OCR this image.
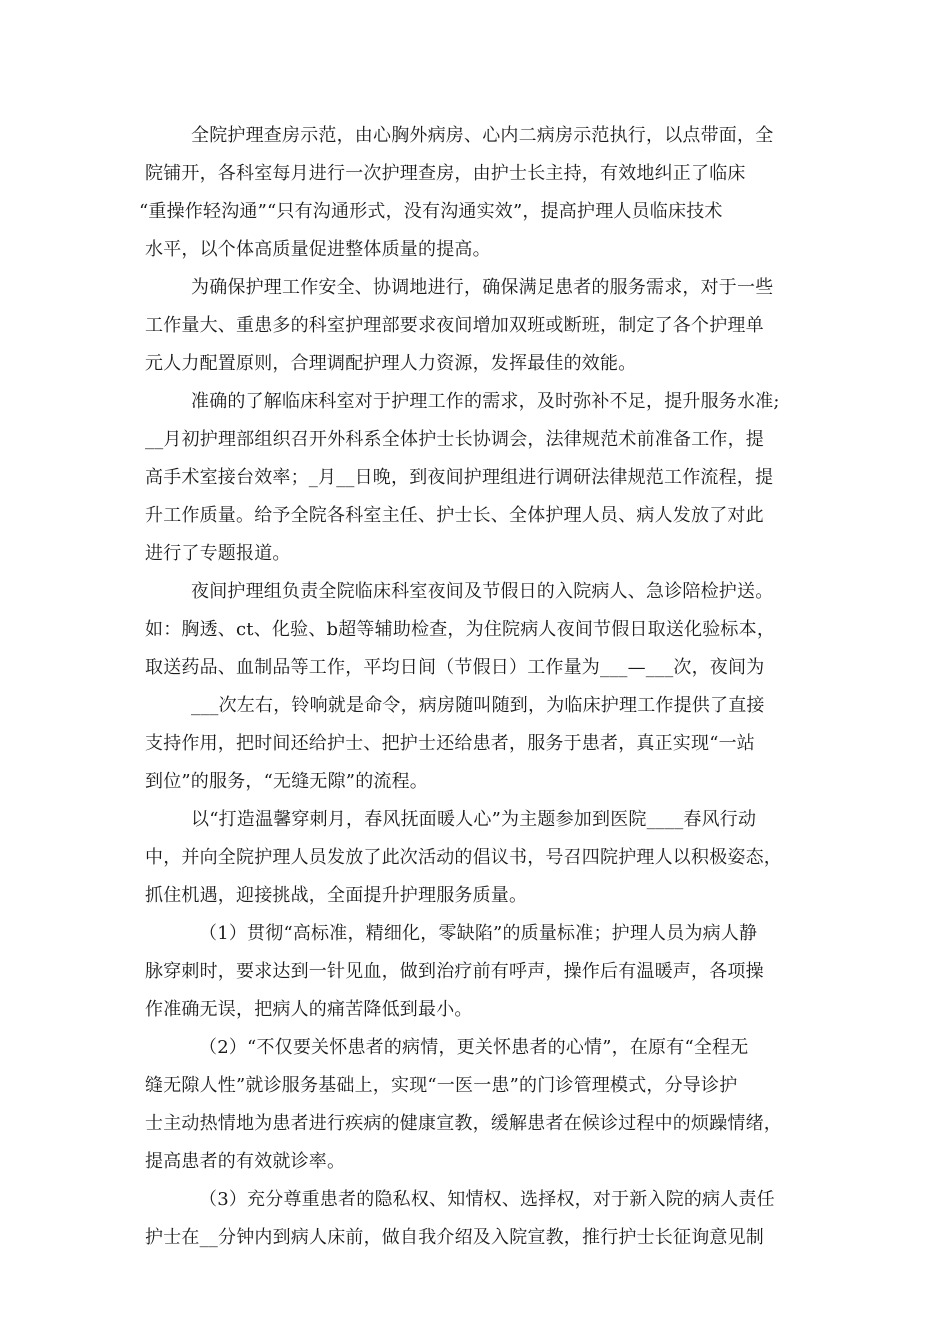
全院护理查房示范，由心胸外病房、心内二病房示范执行，以点带面，全
院铺开，各科室每月进行一次护理查房，由护士长主持，有效地纠正了临床
“重操作轻沟通”“只有沟通形式，没有沟通实效”，提高护理人员临床技术
水平，以个体高质量促进整体质量的提高。
为确保护理工作安全、协调地进行，确保满足患者的服务需求，对于一些
工作量大、重患多的科室护理部要求夜间增加双班或断班，制定了各个护理单
元人力配置原则，合理调配护理人力资源，发挥最佳的效能。
准确的了解临床科室对于护理工作的需求，及时弥补不足，提升服务水准;
__月初护理部组织召开外科系全体护士长协调会，法律规范术前准备工作，提
高手术室接台效率；_月__日晚，到夜间护理组进行调研法律规范工作流程，提
升工作质量。给予全院各科室主任、护士长、全体护理人员、病人发放了对此
进行了专题报道。
夜间护理组负责全院临床科室夜间及节假日的入院病人、急诊陪检护送。
如：胸透、ct、化验、b超等辅助检查，为住院病人夜间节假日取送化验标本，
取送药品、血制品等工作，平均日间（节假日）工作量为___—___次，夜间为
___次左右，铃响就是命令，病房随叫随到，为临床护理工作提供了直接
支持作用，把时间还给护士、把护士还给患者，服务于患者，真正实现“一站
到位”的服务，“无缝无隙”的流程。
以“打造温馨穿刺月，春风抚面暖人心”为主题参加到医院____春风行动
中，并向全院护理人员发放了此次活动的倡议书，号召四院护理人以积极姿态，
抓住机遇，迎接挑战，全面提升护理服务质量。
（1）贯彻“高标准，精细化，零缺陷”的质量标准；护理人员为病人静
脉穿刺时，要求达到一针见血，做到治疗前有呼声，操作后有温暖声，各项操
作准确无误，把病人的痛苦降低到最小。
（2）“不仅要关怀患者的病情，更关怀患者的心情”，在原有“全程无
缝无隙人性”就诊服务基础上，实现“一医一患”的门诊管理模式，分导诊护
士主动热情地为患者进行疾病的健康宣教，缓解患者在候诊过程中的烦躁情绪，
提高患者的有效就诊率。
（3）充分尊重患者的隐私权、知情权、选择权，对于新入院的病人责任
护士在__分钟内到病人床前，做自我介绍及入院宣教，推行护士长征询意见制
